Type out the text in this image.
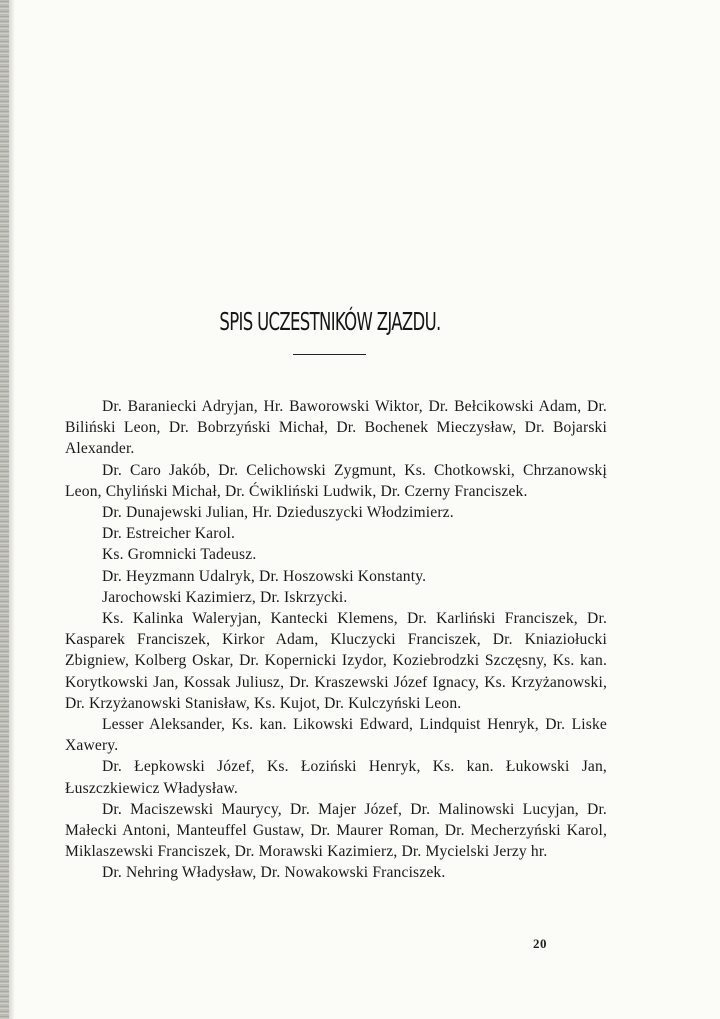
SPIS UCZESTNIKÓW ZJAZDU.

Dr. Baraniecki Adryjan, Hr. Baworowski Wiktor, Dr. Bełcikowski Adam, Dr. Biliński Leon, Dr. Bobrzyński Michał, Dr. Bochenek Mieczysław, Dr. Bojarski Alexander.

Dr. Caro Jakób, Dr. Celichowski Zygmunt, Ks. Chotkowski, Chrzanowskį Leon, Chyliński Michał, Dr. Ćwikliński Ludwik, Dr. Czerny Franciszek.

Dr. Dunajewski Julian, Hr. Dzieduszycki Włodzimierz.

Dr. Estreicher Karol.

Ks. Gromnicki Tadeusz.

Dr. Heyzmann Udalryk, Dr. Hoszowski Konstanty.

Jarochowski Kazimierz, Dr. Iskrzycki.

Ks. Kalinka Waleryjan, Kantecki Klemens, Dr. Karliński Franciszek, Dr. Kasparek Franciszek, Kirkor Adam, Kluczycki Franciszek, Dr. Kniaziołucki Zbigniew, Kolberg Oskar, Dr. Kopernicki Izydor, Koziebrodzki Szczęsny, Ks. kan. Korytkowski Jan, Kossak Juliusz, Dr. Kraszewski Józef Ignacy, Ks. Krzyżanowski, Dr. Krzyżanowski Stanisław, Ks. Kujot, Dr. Kulczyński Leon.

Lesser Aleksander, Ks. kan. Likowski Edward, Lindquist Henryk, Dr. Liske Xawery.

Dr. Łepkowski Józef, Ks. Łoziński Henryk, Ks. kan. Łukowski Jan, Łuszczkiewicz Władysław.

Dr. Maciszewski Maurycy, Dr. Majer Józef, Dr. Malinowski Lucyjan, Dr. Małecki Antoni, Manteuffel Gustaw, Dr. Maurer Roman, Dr. Mecherzyński Karol, Miklaszewski Franciszek, Dr. Morawski Kazimierz, Dr. Mycielski Jerzy hr.

Dr. Nehring Władysław, Dr. Nowakowski Franciszek.

20
